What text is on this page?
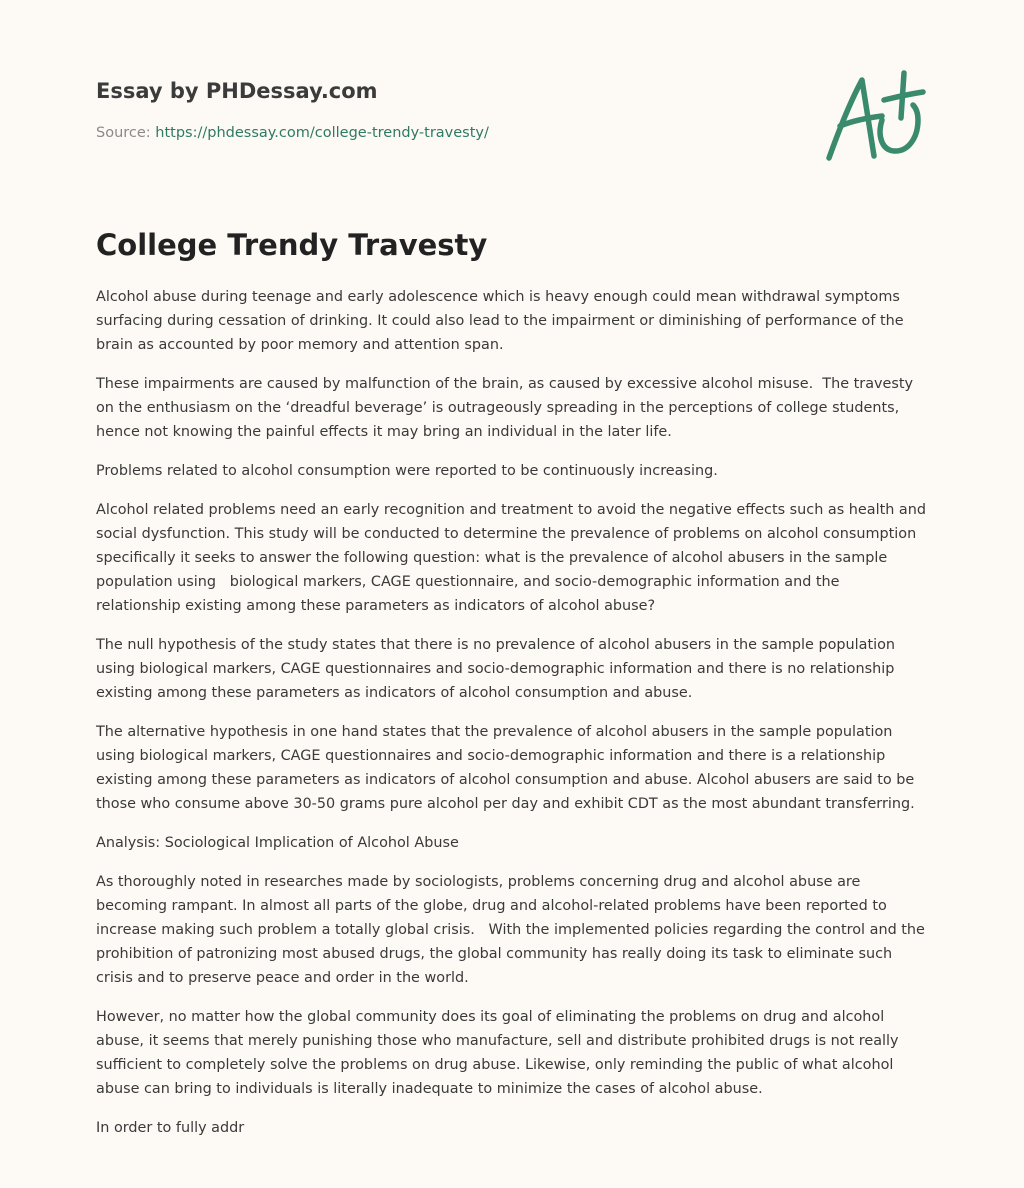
Essay by PHDessay.com
Source: https://phdessay.com/college-trendy-travesty/
College Trendy Travesty

Alcohol abuse during teenage and early adolescence which is heavy enough could mean withdrawal symptoms surfacing during cessation of drinking. It could also lead to the impairment or diminishing of performance of the brain as accounted by poor memory and attention span.

These impairments are caused by malfunction of the brain, as caused by excessive alcohol misuse.  The travesty on the enthusiasm on the ‘dreadful beverage’ is outrageously spreading in the perceptions of college students, hence not knowing the painful effects it may bring an individual in the later life.

Problems related to alcohol consumption were reported to be continuously increasing.

Alcohol related problems need an early recognition and treatment to avoid the negative effects such as health and social dysfunction. This study will be conducted to determine the prevalence of problems on alcohol consumption specifically it seeks to answer the following question: what is the prevalence of alcohol abusers in the sample population using   biological markers, CAGE questionnaire, and socio-demographic information and the relationship existing among these parameters as indicators of alcohol abuse?

The null hypothesis of the study states that there is no prevalence of alcohol abusers in the sample population using biological markers, CAGE questionnaires and socio-demographic information and there is no relationship existing among these parameters as indicators of alcohol consumption and abuse.

The alternative hypothesis in one hand states that the prevalence of alcohol abusers in the sample population using biological markers, CAGE questionnaires and socio-demographic information and there is a relationship existing among these parameters as indicators of alcohol consumption and abuse. Alcohol abusers are said to be those who consume above 30-50 grams pure alcohol per day and exhibit CDT as the most abundant transferring.

Analysis: Sociological Implication of Alcohol Abuse

As thoroughly noted in researches made by sociologists, problems concerning drug and alcohol abuse are becoming rampant. In almost all parts of the globe, drug and alcohol-related problems have been reported to increase making such problem a totally global crisis.   With the implemented policies regarding the control and the prohibition of patronizing most abused drugs, the global community has really doing its task to eliminate such crisis and to preserve peace and order in the world.

However, no matter how the global community does its goal of eliminating the problems on drug and alcohol abuse, it seems that merely punishing those who manufacture, sell and distribute prohibited drugs is not really sufficient to completely solve the problems on drug abuse. Likewise, only reminding the public of what alcohol abuse can bring to individuals is literally inadequate to minimize the cases of alcohol abuse.

In order to fully addr
